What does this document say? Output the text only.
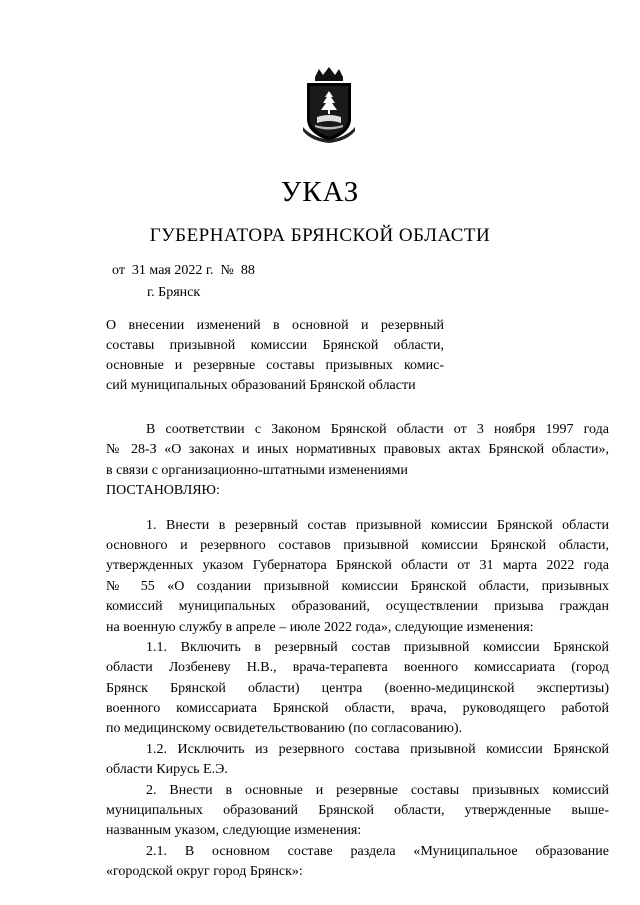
УКАЗ
ГУБЕРНАТОРА БРЯНСКОЙ ОБЛАСТИ
от  31 мая 2022 г.  №  88
г. Брянск
О внесении изменений в основной и резервный
составы призывной комиссии Брянской области,
основные и резервные составы призывных комис-
сий муниципальных образований Брянской области
В соответствии с Законом Брянской области от 3 ноября 1997 года
№ 28-З «О законах и иных нормативных правовых актах Брянской области»,
в связи с организационно-штатными изменениями
ПОСТАНОВЛЯЮ:
1. Внести в резервный состав призывной комиссии Брянской области
основного и резервного составов призывной комиссии Брянской области,
утвержденных указом Губернатора Брянской области от 31 марта 2022 года
№ 55 «О создании призывной комиссии Брянской области, призывных
комиссий муниципальных образований, осуществлении призыва граждан
на военную службу в апреле – июле 2022 года», следующие изменения:
1.1. Включить в резервный состав призывной комиссии Брянской
области Лозбеневу Н.В., врача-терапевта военного комиссариата (город
Брянск Брянской области) центра (военно-медицинской экспертизы)
военного комиссариата Брянской области, врача, руководящего работой
по медицинскому освидетельствованию (по согласованию).
1.2. Исключить из резервного состава призывной комиссии Брянской
области Кирусь Е.Э.
2. Внести в основные и резервные составы призывных комиссий
муниципальных образований Брянской области, утвержденные выше-
названным указом, следующие изменения:
2.1. В основном составе раздела «Муниципальное образование
«городской округ город Брянск»:
